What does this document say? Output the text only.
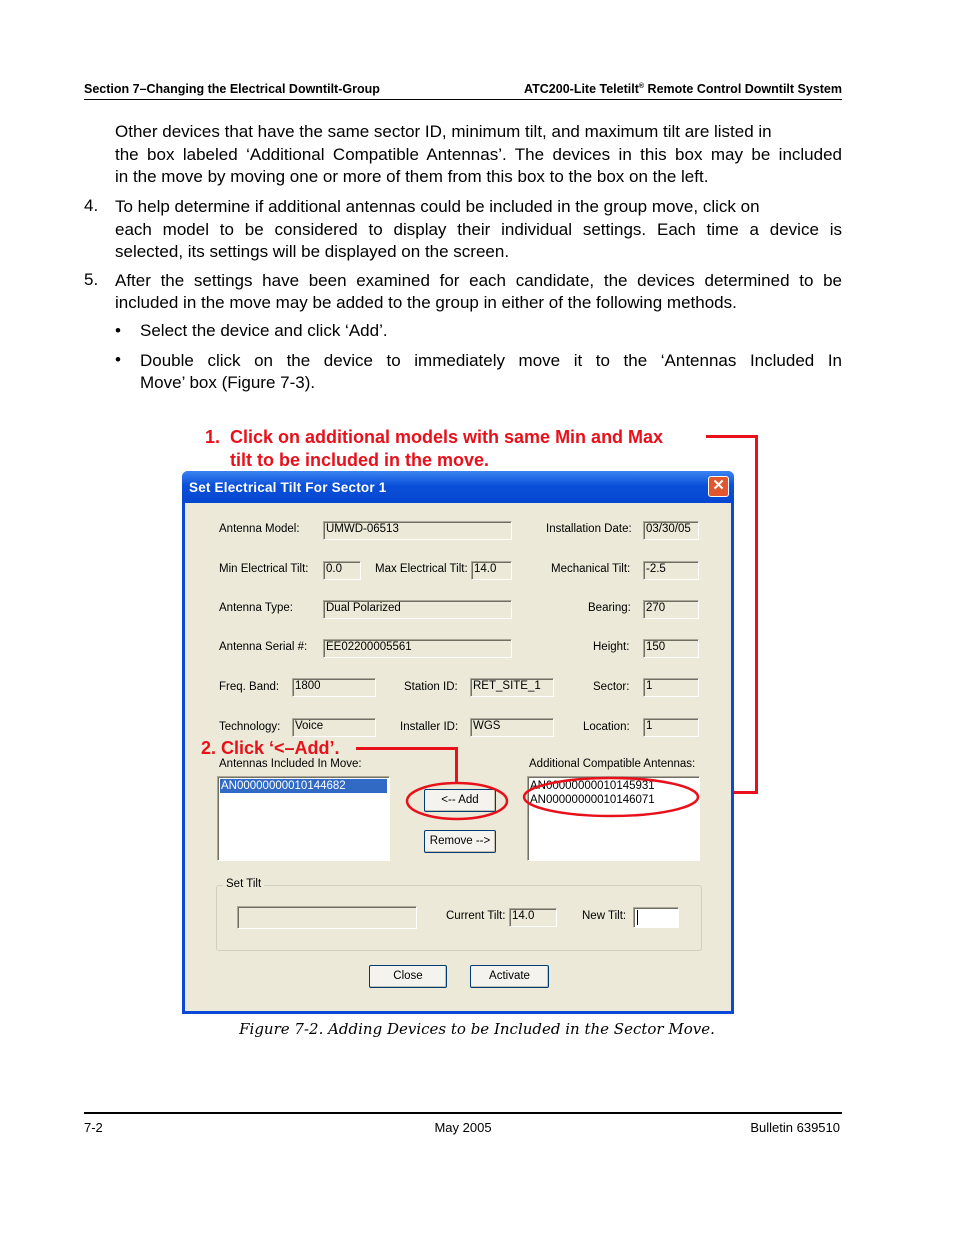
Section 7–Changing the Electrical Downtilt-Group	ATC200-Lite Teletilt® Remote Control Downtilt System
Other devices that have the same sector ID, minimum tilt, and maximum tilt are listed in
the box labeled ‘Additional Compatible Antennas’. The devices in this box may be included
in the move by moving one or more of them from this box to the box on the left.
4. To help determine if additional antennas could be included in the group move, click on
each model to be considered to display their individual settings. Each time a device is
selected, its settings will be displayed on the screen.
5. After the settings have been examined for each candidate, the devices determined to be
included in the move may be added to the group in either of the following methods.
• Select the device and click ‘Add’.
• Double click on the device to immediately move it to the ‘Antennas Included In
Move’ box (Figure 7-3).
1. Click on additional models with same Min and Max
tilt to be included in the move.
Set Electrical Tilt For Sector 1	✕
Antenna Model: UMWD-06513	Installation Date: 03/30/05
Min Electrical Tilt: 0.0	Max Electrical Tilt: 14.0	Mechanical Tilt: -2.5
Antenna Type:	Dual Polarized	Bearing: 270
Antenna Serial #: EE02200005561	Height: 150
Freq. Band: 1800	Station ID: RET_SITE_1	Sector: 1
Technology: Voice	Installer ID: WGS	Location: 1
Antennas Included In Move:
AN00000000010144682
<-- Add
Remove -->
Additional Compatible Antennas:
AN00000000010145931
AN00000000010146071
Set Tilt
Current Tilt: 14.0	New Tilt:
Close	Activate
2. Click ‘<–Add’.
Figure 7-2. Adding Devices to be Included in the Sector Move.
7-2	May 2005	Bulletin 639510
